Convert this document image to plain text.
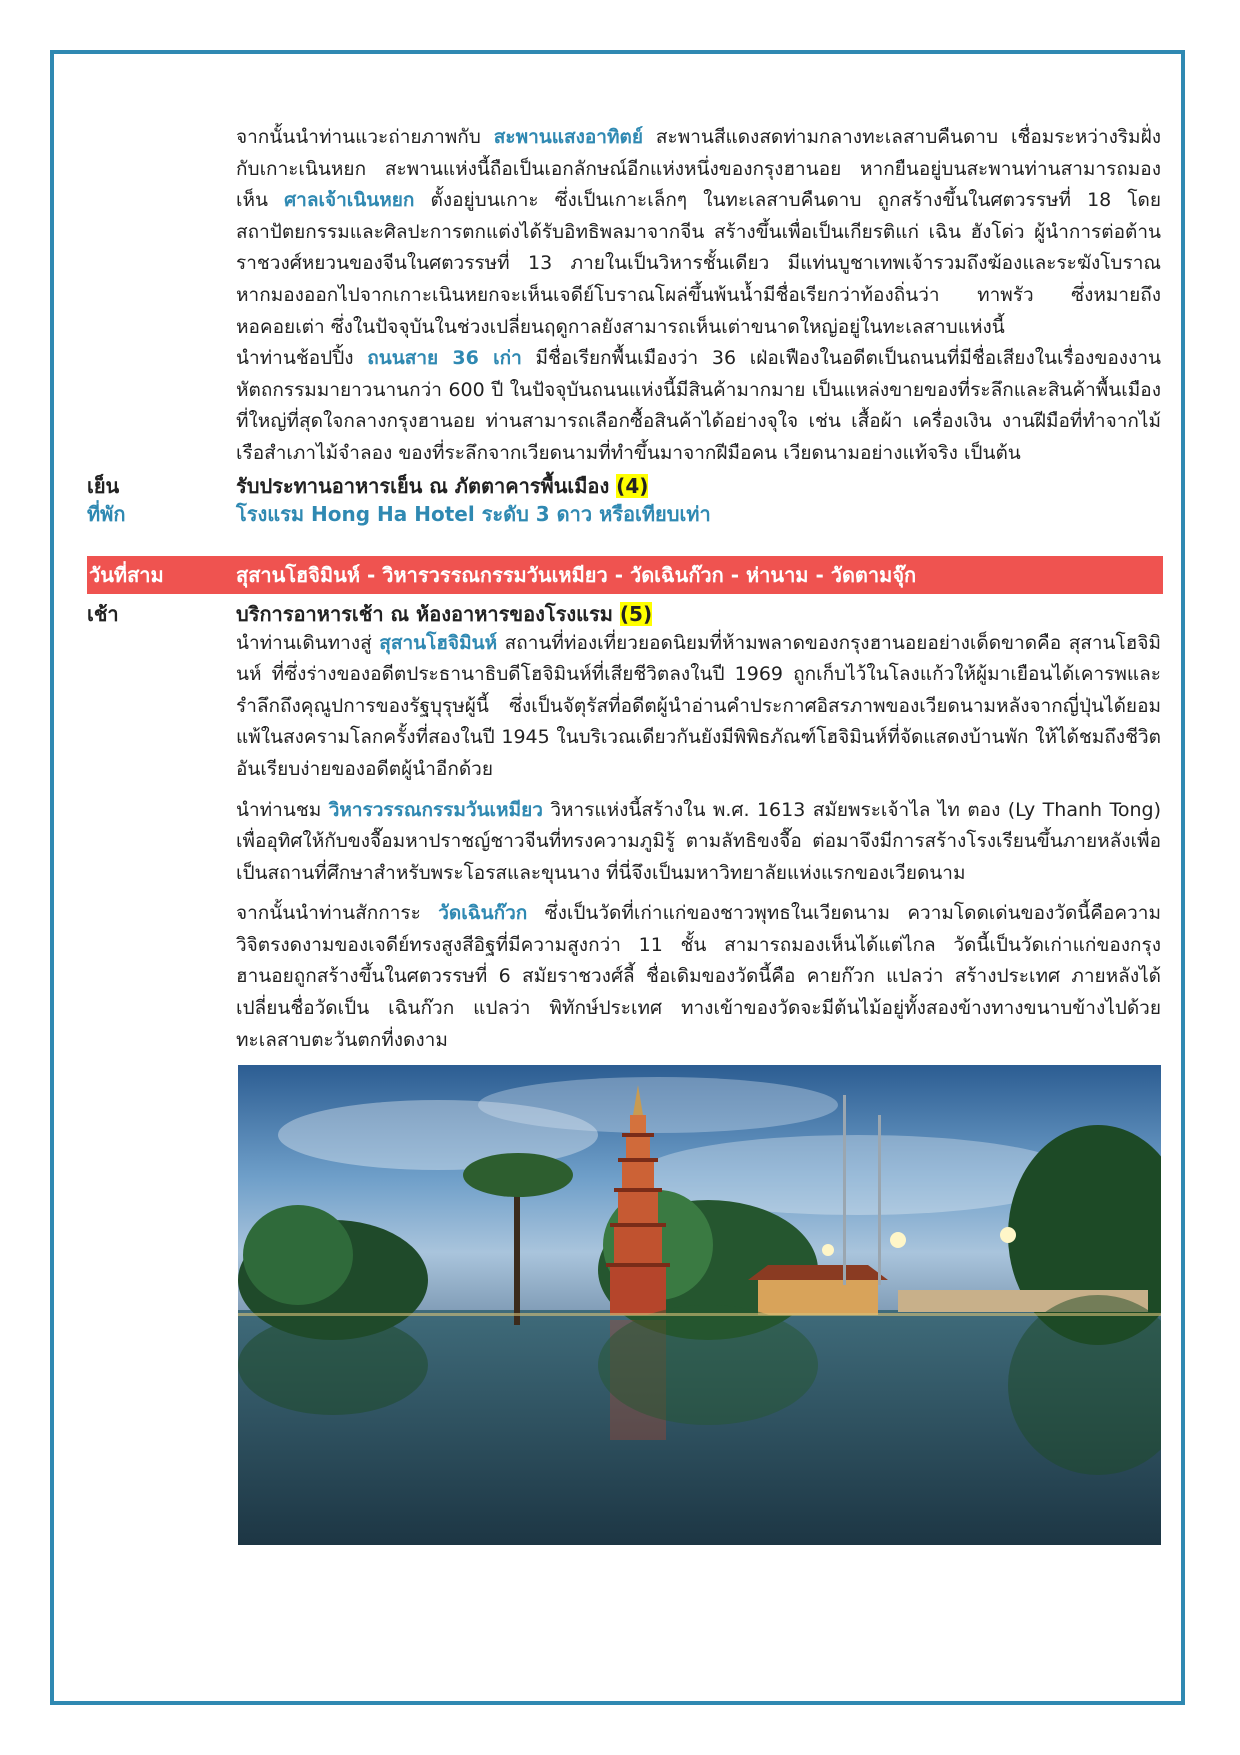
จากนั้นนำท่านแวะถ่ายภาพกับ สะพานแสงอาทิตย์ สะพานสีแดงสดท่ามกลางทะเลสาบคืนดาบ เชื่อมระหว่างริมฝั่งกับเกาะเนินหยก สะพานแห่งนี้ถือเป็นเอกลักษณ์อีกแห่งหนึ่งของกรุงฮานอย หากยืนอยู่บนสะพานท่านสามารถมองเห็น ศาลเจ้าเนินหยก ตั้งอยู่บนเกาะ ซึ่งเป็นเกาะเล็กๆ ในทะเลสาบคืนดาบ ถูกสร้างขึ้นในศตวรรษที่ 18 โดยสถาปัตยกรรมและศิลปะการตกแต่งได้รับอิทธิพลมาจากจีน สร้างขึ้นเพื่อเป็นเกียรติแก่ เฉิน ฮังโด่ว ผู้นำการต่อต้านราชวงศ์หยวนของจีนในศตวรรษที่ 13 ภายในเป็นวิหารชั้นเดียว มีแท่นบูชาเทพเจ้ารวมถึงฆ้องและระฆังโบราณ หากมองออกไปจากเกาะเนินหยกจะเห็นเจดีย์โบราณโผล่ขึ้นพ้นน้ำมีชื่อเรียกว่าท้องถิ่นว่า ทาพรัว ซึ่งหมายถึง หอคอยเต่า ซึ่งในปัจจุบันในช่วงเปลี่ยนฤดูกาลยังสามารถเห็นเต่าขนาดใหญ่อยู่ในทะเลสาบแห่งนี้
นำท่านช้อปปิ้ง ถนนสาย 36 เก่า มีชื่อเรียกพื้นเมืองว่า 36 เฝ่อเฟืองในอดีตเป็นถนนที่มีชื่อเสียงในเรื่องของงานหัตถกรรมมายาวนานกว่า 600 ปี ในปัจจุบันถนนแห่งนี้มีสินค้ามากมาย เป็นแหล่งขายของที่ระลึกและสินค้าพื้นเมืองที่ใหญ่ที่สุดใจกลางกรุงฮานอย ท่านสามารถเลือกซื้อสินค้าได้อย่างจุใจ เช่น เสื้อผ้า เครื่องเงิน งานฝีมือที่ทำจากไม้ เรือสำเภาไม้จำลอง ของที่ระลึกจากเวียดนามที่ทำขึ้นมาจากฝีมือคน เวียดนามอย่างแท้จริง เป็นต้น
เย็น	รับประทานอาหารเย็น ณ ภัตตาคารพื้นเมือง (4)
ที่พัก	โรงแรม Hong Ha Hotel ระดับ 3 ดาว หรือเทียบเท่า
วันที่สาม	สุสานโฮจิมินห์ - วิหารวรรณกรรมวันเหมียว - วัดเฉินก๊วก - ห่านาม - วัดตามจุ๊ก
เช้า	บริการอาหารเช้า ณ ห้องอาหารของโรงแรม (5)
นำท่านเดินทางสู่ สุสานโฮจิมินห์ สถานที่ท่องเที่ยวยอดนิยมที่ห้ามพลาดของกรุงฮานอยอย่างเด็ดขาดคือ สุสานโฮจิมินห์ ที่ซึ่งร่างของอดีตประธานาธิบดีโฮจิมินห์ที่เสียชีวิตลงในปี 1969 ถูกเก็บไว้ในโลงแก้วให้ผู้มาเยือนได้เคารพและรำลึกถึงคุณูปการของรัฐบุรุษผู้นี้ ซึ่งเป็นจัตุรัสที่อดีตผู้นำอ่านคำประกาศอิสรภาพของเวียดนามหลังจากญี่ปุ่นได้ยอมแพ้ในสงครามโลกครั้งที่สองในปี 1945 ในบริเวณเดียวกันยังมีพิพิธภัณฑ์โฮจิมินห์ที่จัดแสดงบ้านพัก ให้ได้ชมถึงชีวิตอันเรียบง่ายของอดีตผู้นำอีกด้วย
นำท่านชม วิหารวรรณกรรมวันเหมียว วิหารแห่งนี้สร้างใน พ.ศ. 1613 สมัยพระเจ้าไล ไท ตอง (Ly Thanh Tong) เพื่ออุทิศให้กับขงจื๊อมหาปราชญ์ชาวจีนที่ทรงความภูมิรู้ ตามลัทธิขงจื๊อ ต่อมาจึงมีการสร้างโรงเรียนขึ้นภายหลังเพื่อเป็นสถานที่ศึกษาสำหรับพระโอรสและขุนนาง ที่นี่จึงเป็นมหาวิทยาลัยแห่งแรกของเวียดนาม
จากนั้นนำท่านสักการะ วัดเฉินก๊วก ซึ่งเป็นวัดที่เก่าแก่ของชาวพุทธในเวียดนาม ความโดดเด่นของวัดนี้คือความวิจิตรงดงามของเจดีย์ทรงสูงสีอิฐที่มีความสูงกว่า 11 ชั้น สามารถมองเห็นได้แต่ไกล วัดนี้เป็นวัดเก่าแก่ของกรุงฮานอยถูกสร้างขึ้นในศตวรรษที่ 6 สมัยราชวงศ์ลี้ ชื่อเดิมของวัดนี้คือ คายก๊วก แปลว่า สร้างประเทศ ภายหลังได้เปลี่ยนชื่อวัดเป็น เฉินก๊วก แปลว่า พิทักษ์ประเทศ ทางเข้าของวัดจะมีต้นไม้อยู่ทั้งสองข้างทางขนาบข้างไปด้วยทะเลสาบตะวันตกที่งดงาม
